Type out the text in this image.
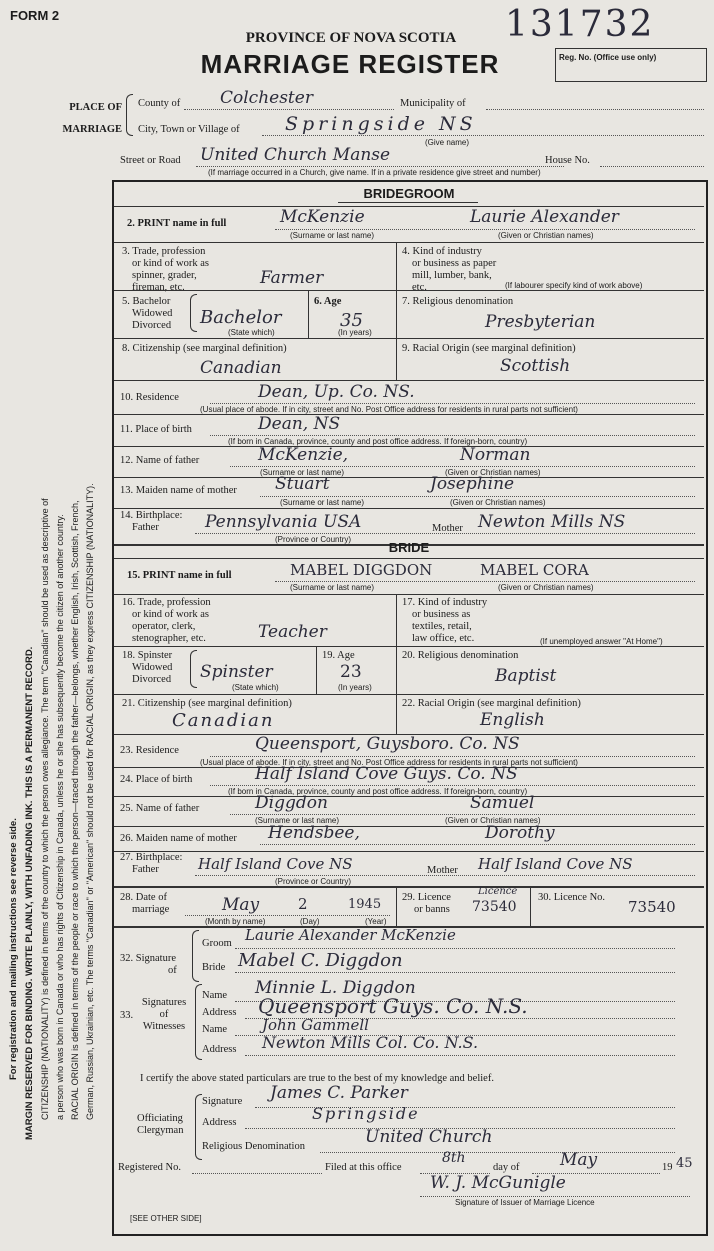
FORM 2	131732
PROVINCE OF NOVA SCOTIA
MARRIAGE REGISTER	Reg. No. (Office use only)
PLACE OF MARRIAGE
County of Colchester	Municipality of
City, Town or Village of Springside NS
(Give name)
Street or Road United Church Manse	House No.
(If marriage occurred in a Church, give name. If in a private residence give street and number)
BRIDEGROOM
2. PRINT name in full	McKenzie	Laurie Alexander
(Surname or last name)	(Given or Christian names)
3. Trade, profession
or kind of work as
spinner, grader,
fireman, etc.	Farmer
4. Kind of industry
or business as paper
mill, lumber, bank,
etc.	(If labourer specify kind of work above)
5. Bachelor
Widowed
Divorced Bachelor
(State which)
6. Age
35
(In years)
7. Religious denomination
Presbyterian
8. Citizenship (see marginal definition)
Canadian
9. Racial Origin (see marginal definition)
Scottish
10. Residence	Dean, Up. Co. NS.
(Usual place of abode. If in city, street and No. Post Office address for residents in rural parts not sufficient)
11. Place of birth	Dean, NS
(If born in Canada, province, county and post office address. If foreign-born, country)
12. Name of father	McKenzie,	Norman
(Surname or last name)	(Given or Christian names)
13. Maiden name of mother Stuart	Josephine
(Surname or last name)	(Given or Christian names)
14. Birthplace:
Father	Pennsylvania USA	Mother Newton Mills NS
(Province or Country)
BRIDE
15. PRINT name in full	MABEL DIGGDON	MABEL CORA
(Surname or last name)	(Given or Christian names)
16. Trade, profession
or kind of work as
operator, clerk,
stenographer, etc.	Teacher
17. Kind of industry
or business as
textiles, retail,
law office, etc.	(If unemployed answer "At Home")
18. Spinster
Widowed
Divorced Spinster
(State which)
19. Age
23
(In years)
20. Religious denomination
Baptist
21. Citizenship (see marginal definition)
Canadian
22. Racial Origin (see marginal definition)
English
23. Residence	Queensport, Guysboro. Co. NS
(Usual place of abode. If in city, street and No. Post Office address for residents in rural parts not sufficient)
24. Place of birth	Half Island Cove Guys. Co. NS
(If born in Canada, province, county and post office address. If foreign-born, country)
25. Name of father	Diggdon	Samuel
(Surname or last name)	(Given or Christian names)
26. Maiden name of mother Hendsbee,	Dorothy
27. Birthplace:
Father	Half Island Cove NS	Mother Half Island Cove NS
(Province or Country)
28. Date of
marriage	May	2	1945
(Month by name)	(Day)	(Year)
29. Licence
or banns
Licence
73540
30. Licence No.
73540
32. Signature
of
Groom Laurie Alexander McKenzie
Bride Mabel C. Diggdon
33.
Signatures
of
Witnesses
Name Minnie L. Diggdon
Address Queensport Guys. Co. N.S.
Name John Gammell
Address Newton Mills Col. Co. N.S.
I certify the above stated particulars are true to the best of my knowledge and belief.
Officiating
Clergyman
Signature James C. Parker
Address	Springside
Religious Denomination	United Church
Registered No.	Filed at this office
8th
day of May	19 45
W. J. McGunigle
Signature of Issuer of Marriage Licence
[SEE OTHER SIDE]
For registration and mailing instructions see reverse side. MARGIN RESERVED FOR BINDING. WRITE PLAINLY, WITH UNFADING INK. THIS IS A PERMANENT RECORD. CITIZENSHIP (NATIONALITY) is defined in terms of the country to which the person owes allegiance. The term "Canadian" should be used as descriptive of a person who was born in Canada or who has rights of Citizenship in Canada, unless he or she has subsequently become the citizen of another country. RACIAL ORIGIN is defined in terms of the people or race to which the person—traced through the father—belongs, whether English, Irish, Scottish, French, German, Russian, Ukrainian, etc. The terms "Canadian" or "American" should not be used for RACIAL ORIGIN, as they express CITIZENSHIP (NATIONALITY).
